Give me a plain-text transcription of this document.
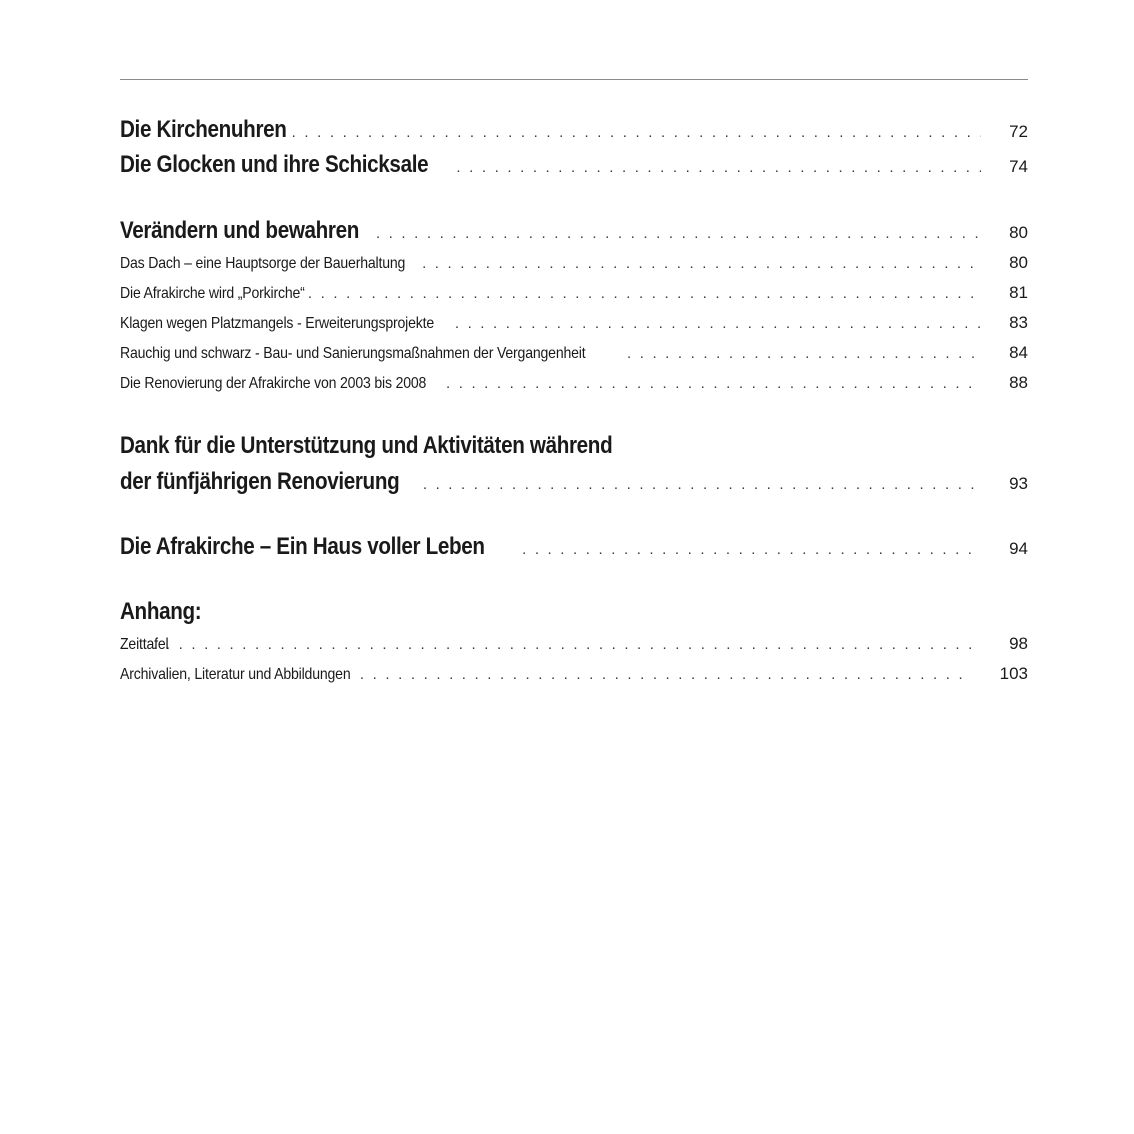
Die Kirchenuhren . . .	72
Die Glocken und ihre Schicksale . . .	74
Verändern und bewahren . . .	80
Das Dach – eine Hauptsorge der Bauerhaltung . . .	80
Die Afrakirche wird „Porkirche“ . . .	81
Klagen wegen Platzmangels - Erweiterungsprojekte . . .	83
Rauchig und schwarz - Bau- und Sanierungsmaßnahmen der Vergangenheit . . .	84
Die Renovierung der Afrakirche von 2003 bis 2008 . . .	88
Dank für die Unterstützung und Aktivitäten während
der fünfjährigen Renovierung . . .	93
Die Afrakirche – Ein Haus voller Leben . . .	94
Anhang:
Zeittafel . . .	98
Archivalien, Literatur und Abbildungen . . .	103
